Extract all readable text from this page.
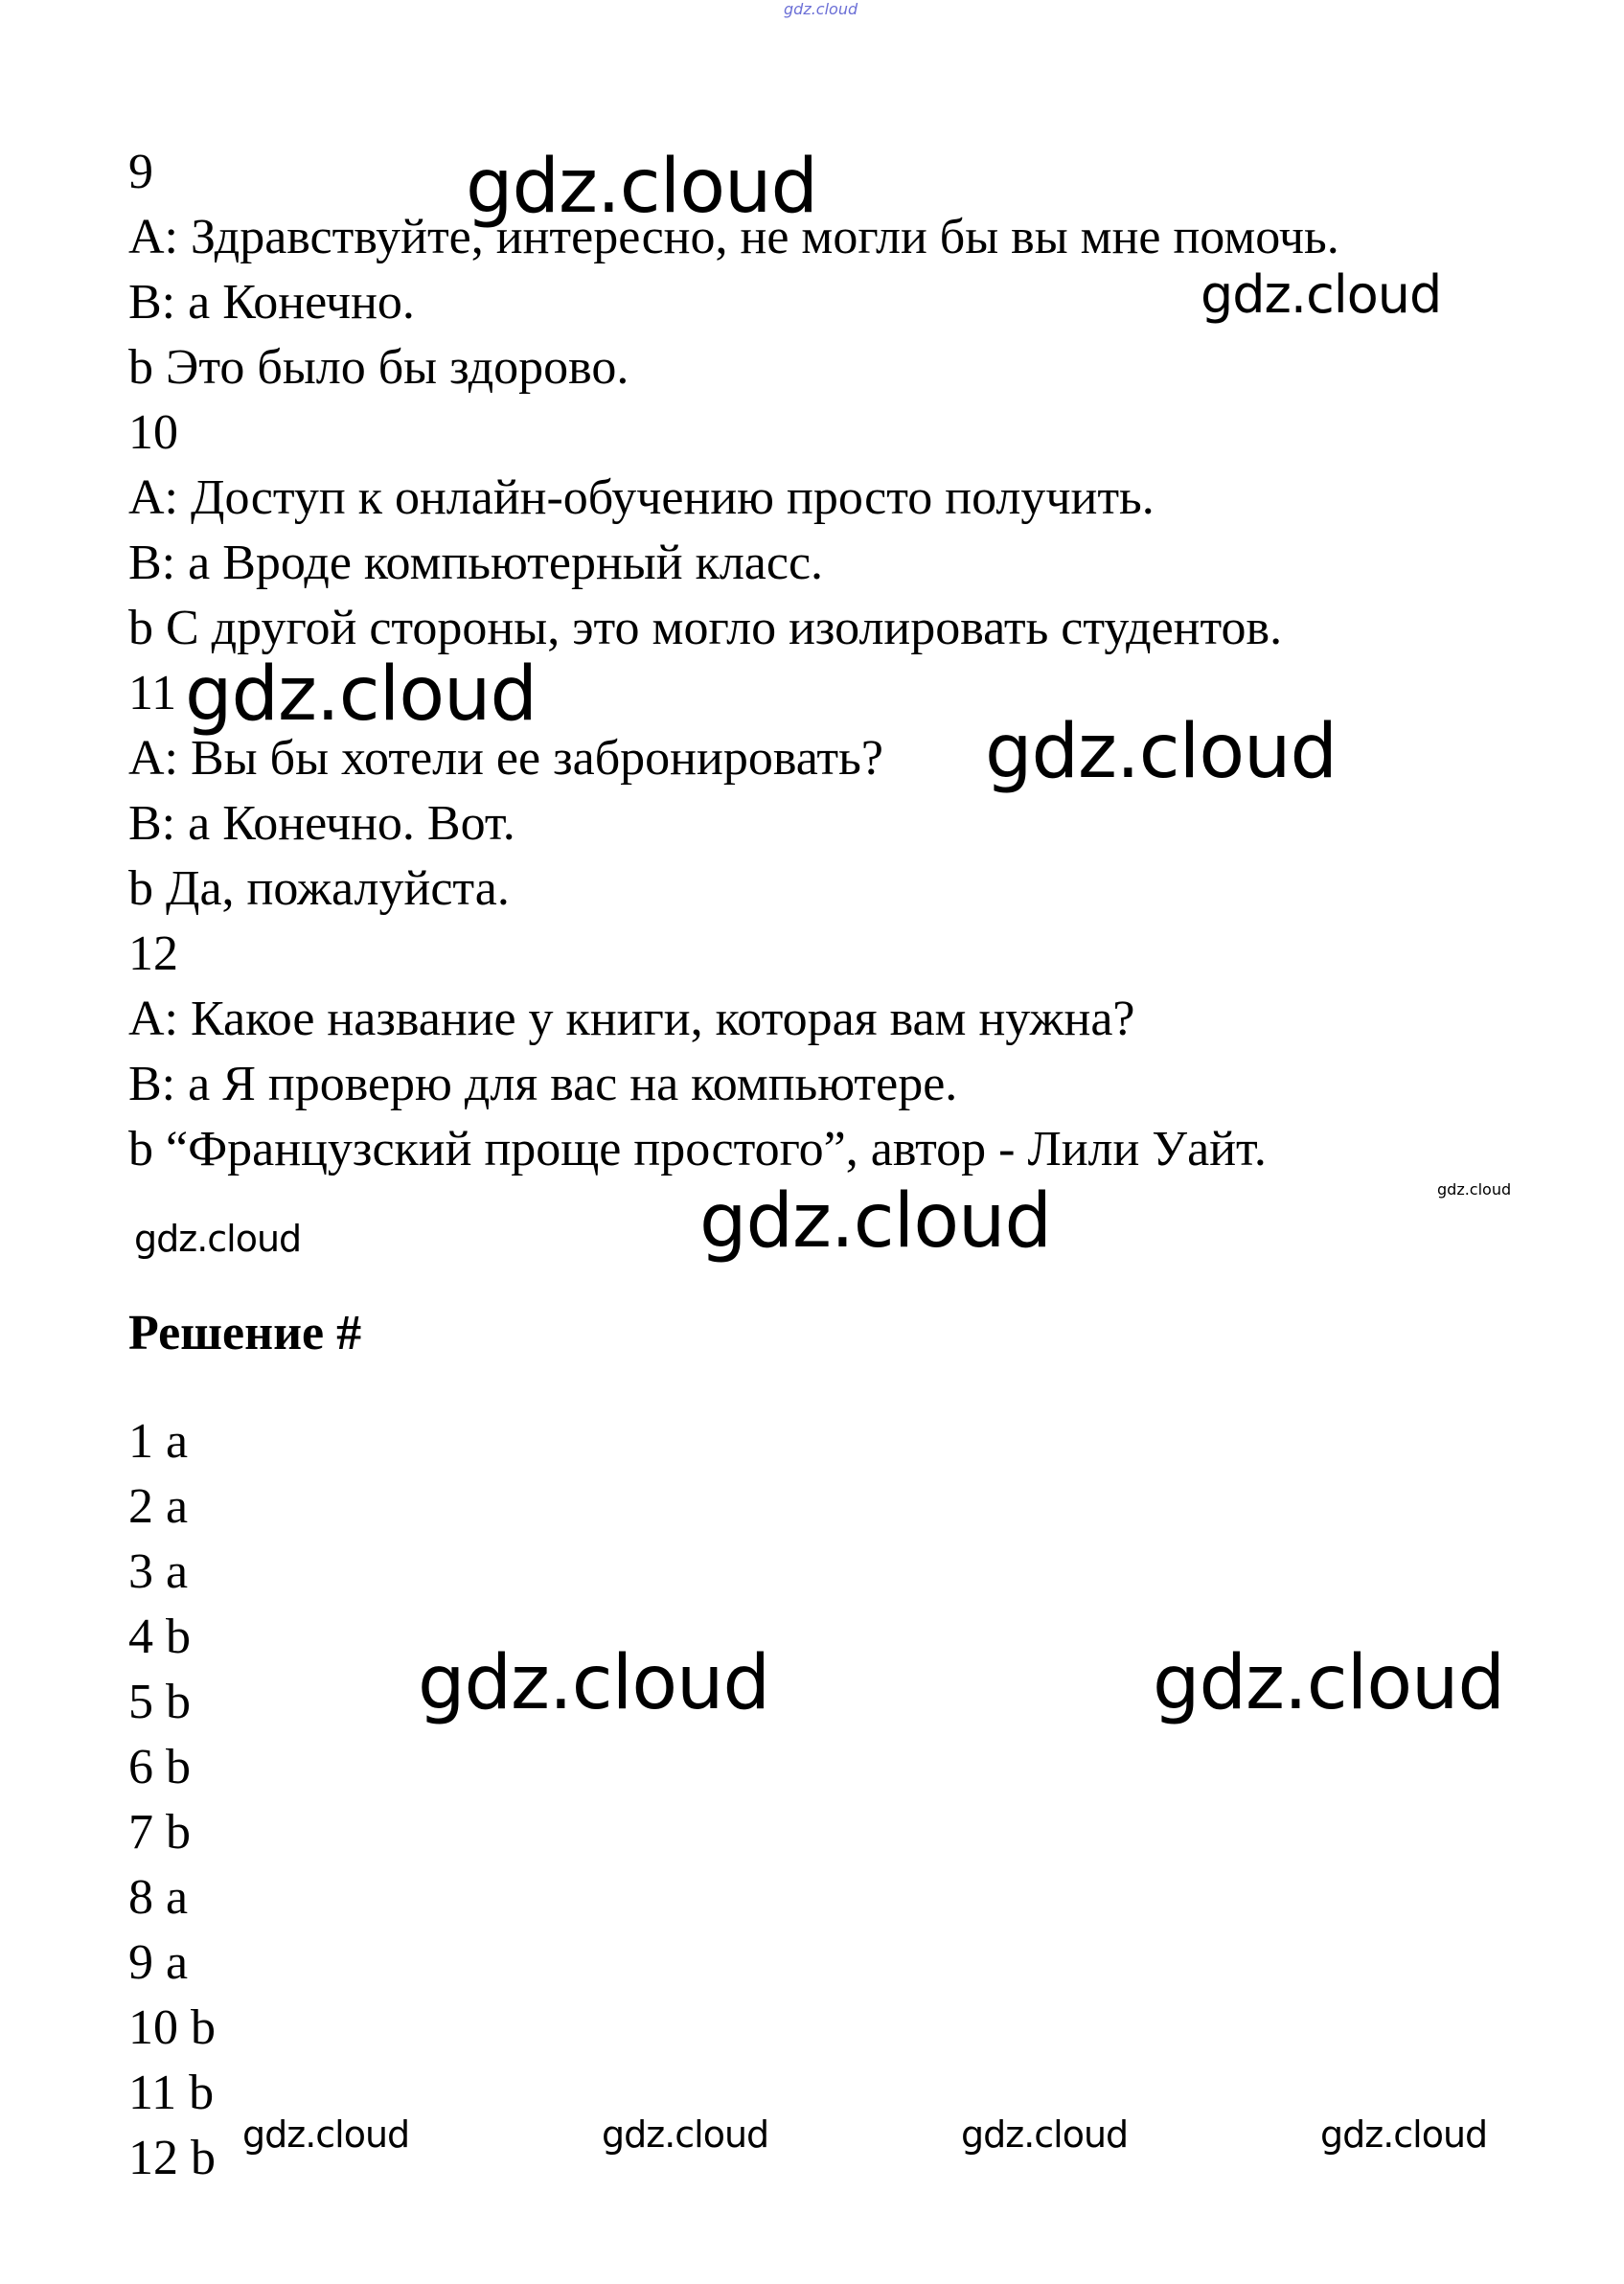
9

A: Здравствуйте, интересно, не могли бы вы мне помочь.

B: a Конечно.

b Это было бы здорово.

10

A: Доступ к онлайн-обучению просто получить.

B: a Вроде компьютерный класс.

b С другой стороны, это могло изолировать студентов.

11

A: Вы бы хотели ее забронировать?

B: a Конечно. Вот.

b Да, пожалуйста.

12

A: Какое название у книги, которая вам нужна?

B: a Я проверю для вас на компьютере.

b “Французский проще простого”, автор - Лили Уайт.

Решение #

1 a

2 a

3 a

4 b

5 b

6 b

7 b

8 a

9 a

10 b

11 b

12 b

gdz.cloud

gdz.cloud

gdz.cloud

gdz.cloud

gdz.cloud

gdz.cloud

gdz.cloud	gdz.cloud

gdz.cloud	gdz.cloud

gdz.cloud	gdz.cloud	gdz.cloud	gdz.cloud
